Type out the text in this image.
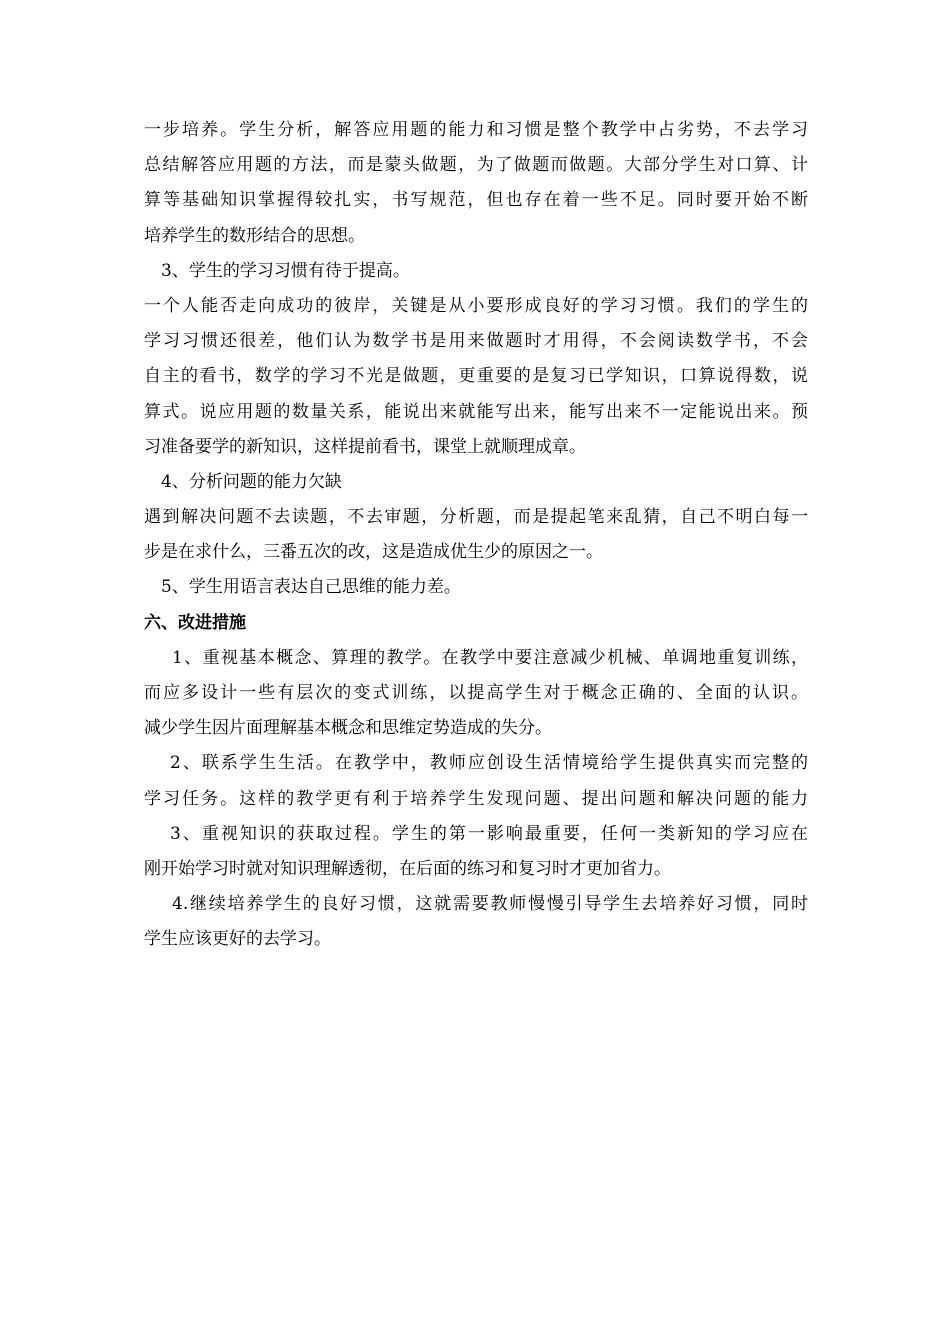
一步培养。学生分析，解答应用题的能力和习惯是整个教学中占劣势，不去学习
总结解答应用题的方法，而是蒙头做题，为了做题而做题。大部分学生对口算、计
算等基础知识掌握得较扎实，书写规范，但也存在着一些不足。同时要开始不断
培养学生的数形结合的思想。
3、学生的学习习惯有待于提高。
一个人能否走向成功的彼岸，关键是从小要形成良好的学习习惯。我们的学生的
学习习惯还很差，他们认为数学书是用来做题时才用得，不会阅读数学书，不会
自主的看书，数学的学习不光是做题，更重要的是复习已学知识，口算说得数，说
算式。说应用题的数量关系，能说出来就能写出来，能写出来不一定能说出来。预
习准备要学的新知识，这样提前看书，课堂上就顺理成章。
4、分析问题的能力欠缺
遇到解决问题不去读题，不去审题，分析题，而是提起笔来乱猜，自己不明白每一
步是在求什么，三番五次的改，这是造成优生少的原因之一。
5、学生用语言表达自己思维的能力差。
六、改进措施
1、重视基本概念、算理的教学。在教学中要注意减少机械、单调地重复训练，
而应多设计一些有层次的变式训练，以提高学生对于概念正确的、全面的认识。
减少学生因片面理解基本概念和思维定势造成的失分。
2、联系学生生活。在教学中，教师应创设生活情境给学生提供真实而完整的
学习任务。这样的教学更有利于培养学生发现问题、提出问题和解决问题的能力
3、重视知识的获取过程。学生的第一影响最重要，任何一类新知的学习应在
刚开始学习时就对知识理解透彻，在后面的练习和复习时才更加省力。
4.继续培养学生的良好习惯，这就需要教师慢慢引导学生去培养好习惯，同时
学生应该更好的去学习。
